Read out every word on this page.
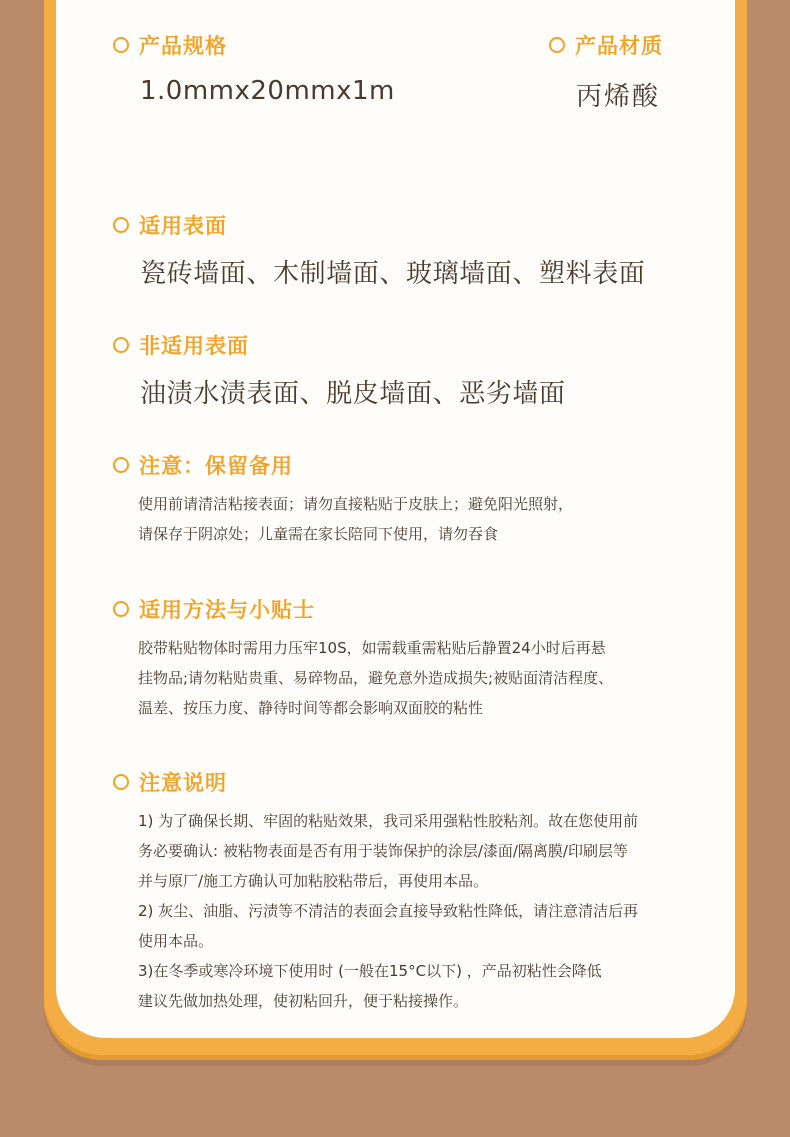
产品规格
1.0mmx20mmx1m
产品材质
丙烯酸
适用表面
瓷砖墙面、木制墙面、玻璃墙面、塑料表面
非适用表面
油渍水渍表面、脱皮墙面、恶劣墙面
注意：保留备用
使用前请清洁粘接表面；请勿直接粘贴于皮肤上；避免阳光照射，
请保存于阴凉处；儿童需在家长陪同下使用，请勿吞食
适用方法与小贴士
胶带粘贴物体时需用力压牢10S，如需载重需粘贴后静置24小时后再悬
挂物品;请勿粘贴贵重、易碎物品，避免意外造成损失;被贴面清洁程度、
温差、按压力度、静待时间等都会影响双面胶的粘性
注意说明
1) 为了确保长期、牢固的粘贴效果，我司采用强粘性胶粘剂。故在您使用前
务必要确认: 被粘物表面是否有用于装饰保护的涂层/漆面/隔离膜/印刷层等
并与原厂/施工方确认可加粘胶粘带后，再使用本品。
2) 灰尘、油脂、污渍等不清洁的表面会直接导致粘性降低，请注意清洁后再
使用本品。
3)在冬季或寒冷环境下使用时 (一般在15°C以下) ，产品初粘性会降低
建议先做加热处理，使初粘回升，便于粘接操作。
